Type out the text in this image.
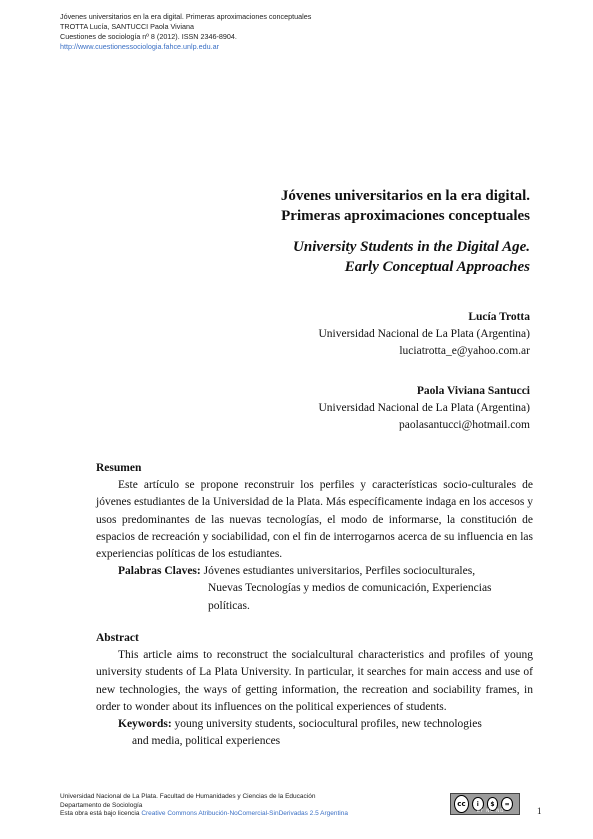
Jóvenes universitarios en la era digital. Primeras aproximaciones conceptuales
TROTTA Lucía, SANTUCCI Paola Viviana
Cuestiones de sociología nº 8 (2012). ISSN 2346-8904.
http://www.cuestionessociologia.fahce.unlp.edu.ar
Jóvenes universitarios en la era digital.
Primeras aproximaciones conceptuales
University Students in the Digital Age.
Early Conceptual Approaches
Lucía Trotta
Universidad Nacional de La Plata (Argentina)
luciatrotta_e@yahoo.com.ar
Paola Viviana Santucci
Universidad Nacional de La Plata (Argentina)
paolasantucci@hotmail.com
Resumen
Este artículo se propone reconstruir los perfiles y características socio-culturales de jóvenes estudiantes de la Universidad de la Plata. Más específicamente indaga en los accesos y usos predominantes de las nuevas tecnologías, el modo de informarse, la constitución de espacios de recreación y sociabilidad, con el fin de interrogarnos acerca de su influencia en las experiencias políticas de los estudiantes.
Palabras Claves: Jóvenes estudiantes universitarios, Perfiles socioculturales,
Nuevas Tecnologías y medios de comunicación, Experiencias
políticas.
Abstract
This article aims to reconstruct the socialcultural characteristics and profiles of young university students of La Plata University. In particular, it searches for main access and use of new technologies, the ways of getting information, the recreation and sociability frames, in order to wonder about its influences on the political experiences of students.
Keywords: young university students, sociocultural profiles, new technologies
and media, political experiences
Universidad Nacional de La Plata. Facultad de Humanidades y Ciencias de la Educación
Departamento de Sociología
Esta obra está bajo licencia Creative Commons Atribución-NoComercial-SinDerivadas 2.5 Argentina
cc	i	$	=
BY NC ND	1
